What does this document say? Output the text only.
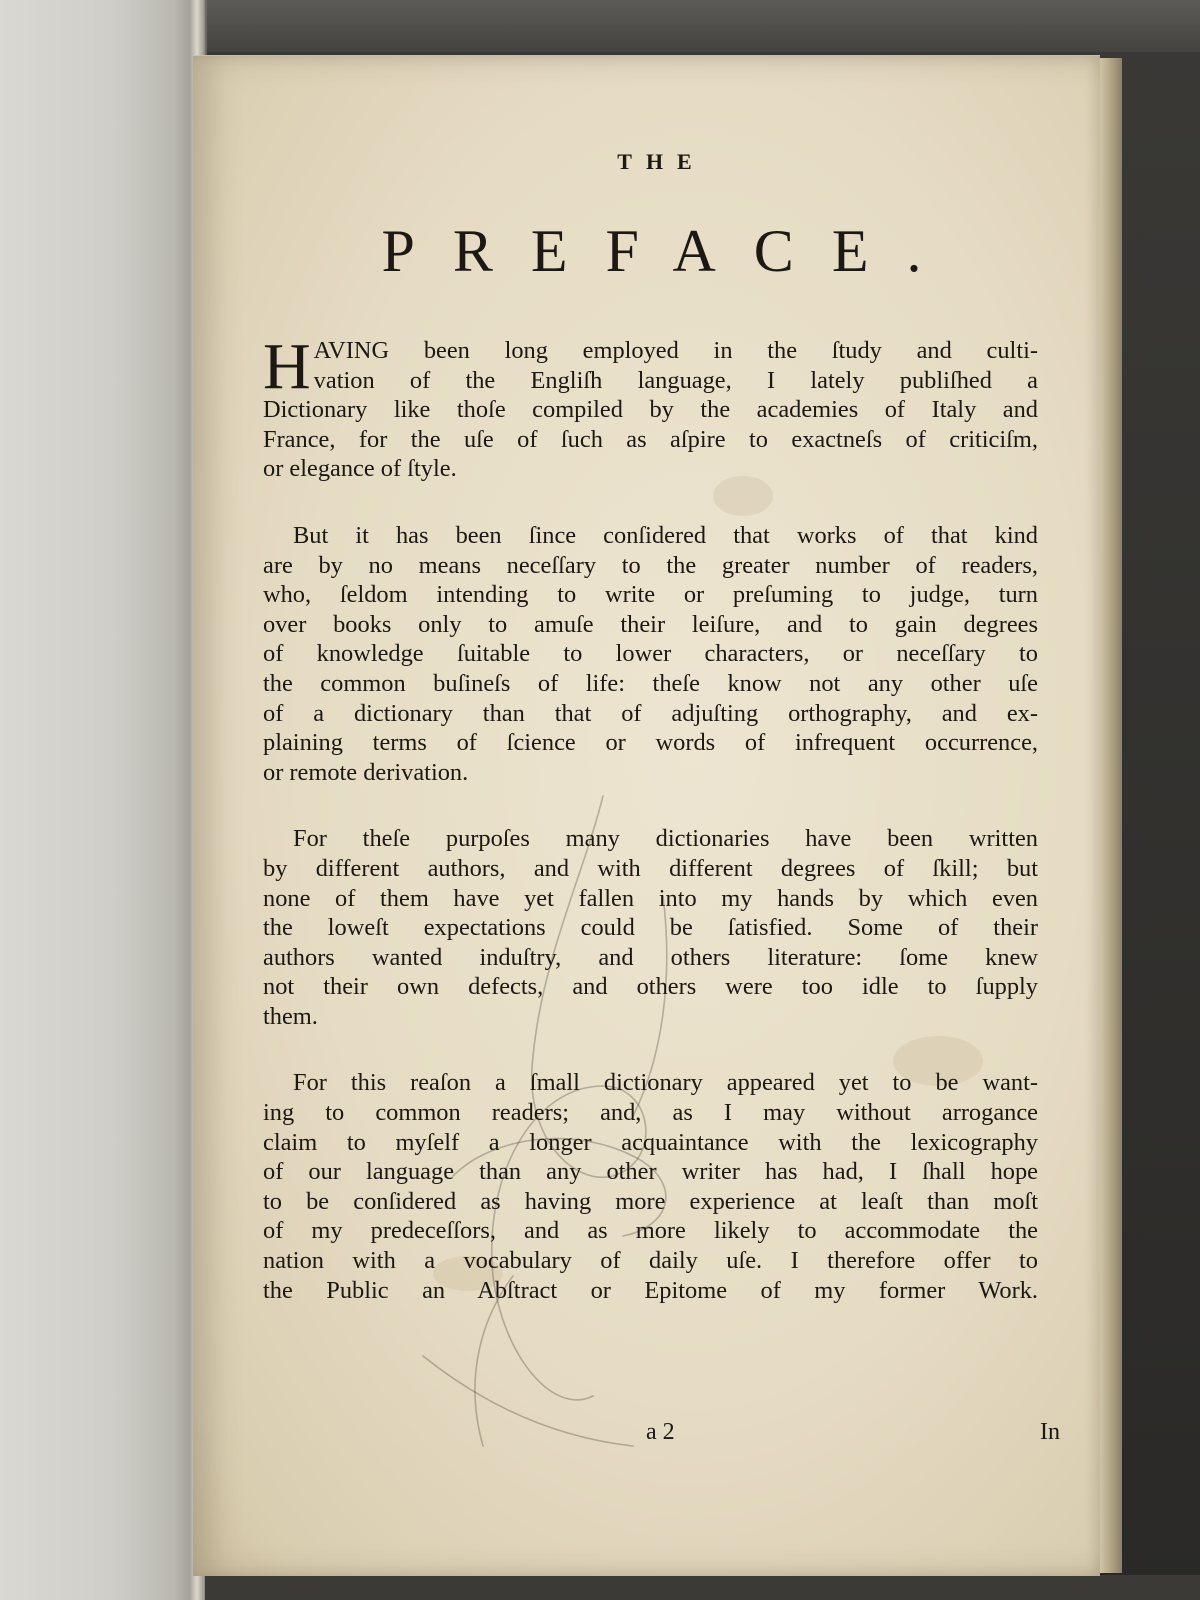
THE
PREFACE.
H AVING been long employed in the ſtudy and culti-
vation of the Engliſh language, I lately publiſhed a
Dictionary like thoſe compiled by the academies of Italy and
France, for the uſe of ſuch as aſpire to exactneſs of criticiſm,
or elegance of ſtyle.
But it has been ſince conſidered that works of that kind
are by no means neceſſary to the greater number of readers,
who, ſeldom intending to write or preſuming to judge, turn
over books only to amuſe their leiſure, and to gain degrees
of knowledge ſuitable to lower characters, or neceſſary to
the common buſineſs of life: theſe know not any other uſe
of a dictionary than that of adjuſting orthography, and ex-
plaining terms of ſcience or words of infrequent occurrence,
or remote derivation.
For theſe purpoſes many dictionaries have been written
by different authors, and with different degrees of ſkill; but
none of them have yet fallen into my hands by which even
the loweſt expectations could be ſatisfied. Some of their
authors wanted induſtry, and others literature: ſome knew
not their own defects, and others were too idle to ſupply
them.
For this reaſon a ſmall dictionary appeared yet to be want-
ing to common readers; and, as I may without arrogance
claim to myſelf a longer acquaintance with the lexicography
of our language than any other writer has had, I ſhall hope
to be conſidered as having more experience at leaſt than moſt
of my predeceſſors, and as more likely to accommodate the
nation with a vocabulary of daily uſe. I therefore offer to
the Public an Abſtract or Epitome of my former Work.
a 2	In
